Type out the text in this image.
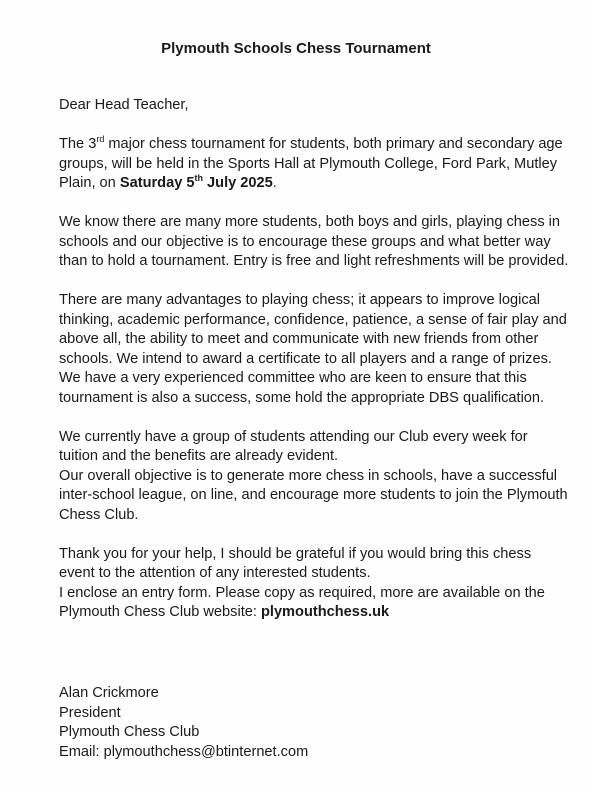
Plymouth Schools Chess Tournament

Dear Head Teacher,

The 3rd major chess tournament for students, both primary and secondary age groups, will be held in the Sports Hall at Plymouth College, Ford Park, Mutley Plain, on Saturday 5th July 2025.

We know there are many more students, both boys and girls, playing chess in schools and our objective is to encourage these groups and what better way than to hold a tournament. Entry is free and light refreshments will be provided.

There are many advantages to playing chess; it appears to improve logical thinking, academic performance, confidence, patience, a sense of fair play and above all, the ability to meet and communicate with new friends from other schools. We intend to award a certificate to all players and a range of prizes. We have a very experienced committee who are keen to ensure that this tournament is also a success, some hold the appropriate DBS qualification.

We currently have a group of students attending our Club every week for tuition and the benefits are already evident.

Our overall objective is to generate more chess in schools, have a successful inter-school league, on line, and encourage more students to join the Plymouth Chess Club.

Thank you for your help, I should be grateful if you would bring this chess event to the attention of any interested students.

I enclose an entry form. Please copy as required, more are available on the Plymouth Chess Club website: plymouthchess.uk

Alan Crickmore
President
Plymouth Chess Club
Email: plymouthchess@btinternet.com
